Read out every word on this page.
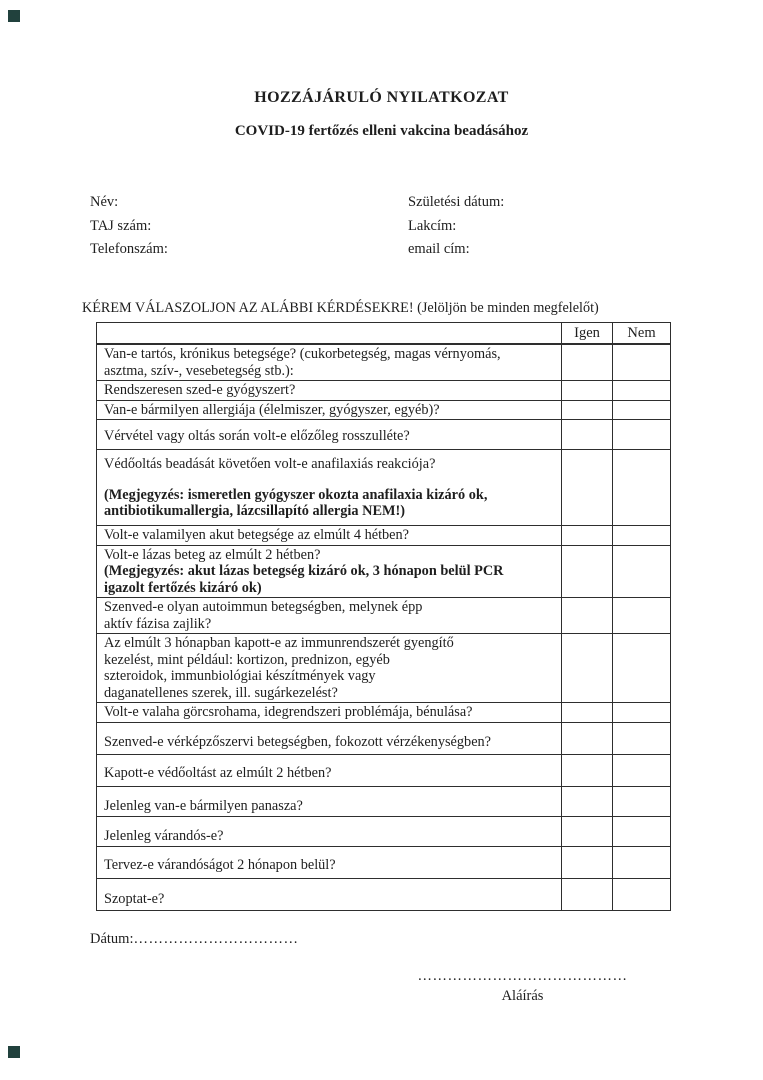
HOZZÁJÁRULÓ NYILATKOZAT
COVID-19 fertőzés elleni vakcina beadásához
Név:
TAJ szám:
Telefonszám:
Születési dátum:
Lakcím:
email cím:
KÉREM VÁLASZOLJON AZ ALÁBBI KÉRDÉSEKRE! (Jelöljön be minden megfelelőt)
Igen	Nem
Van-e tartós, krónikus betegsége? (cukorbetegség, magas vérnyomás,
asztma, szív-, vesebetegség stb.):
Rendszeresen szed-e gyógyszert?
Van-e bármilyen allergiája (élelmiszer, gyógyszer, egyéb)?
Vérvétel vagy oltás során volt-e előzőleg rosszulléte?
Védőoltás beadását követően volt-e anafilaxiás reakciója?
(Megjegyzés: ismeretlen gyógyszer okozta anafilaxia kizáró ok,
antibiotikumallergia, lázcsillapító allergia NEM!)
Volt-e valamilyen akut betegsége az elmúlt 4 hétben?
Volt-e lázas beteg az elmúlt 2 hétben?
(Megjegyzés: akut lázas betegség kizáró ok, 3 hónapon belül PCR
igazolt fertőzés kizáró ok)
Szenved-e olyan autoimmun betegségben, melynek épp
aktív fázisa zajlik?
Az elmúlt 3 hónapban kapott-e az immunrendszerét gyengítő
kezelést, mint például: kortizon, prednizon, egyéb
szteroidok, immunbiológiai készítmények vagy
daganatellenes szerek, ill. sugárkezelést?
Volt-e valaha görcsrohama, idegrendszeri problémája, bénulása?
Szenved-e vérképzőszervi betegségben, fokozott vérzékenységben?
Kapott-e védőoltást az elmúlt 2 hétben?
Jelenleg van-e bármilyen panasza?
Jelenleg várandós-e?
Tervez-e várandóságot 2 hónapon belül?
Szoptat-e?
Dátum:……………………………
……………………………………
Aláírás
